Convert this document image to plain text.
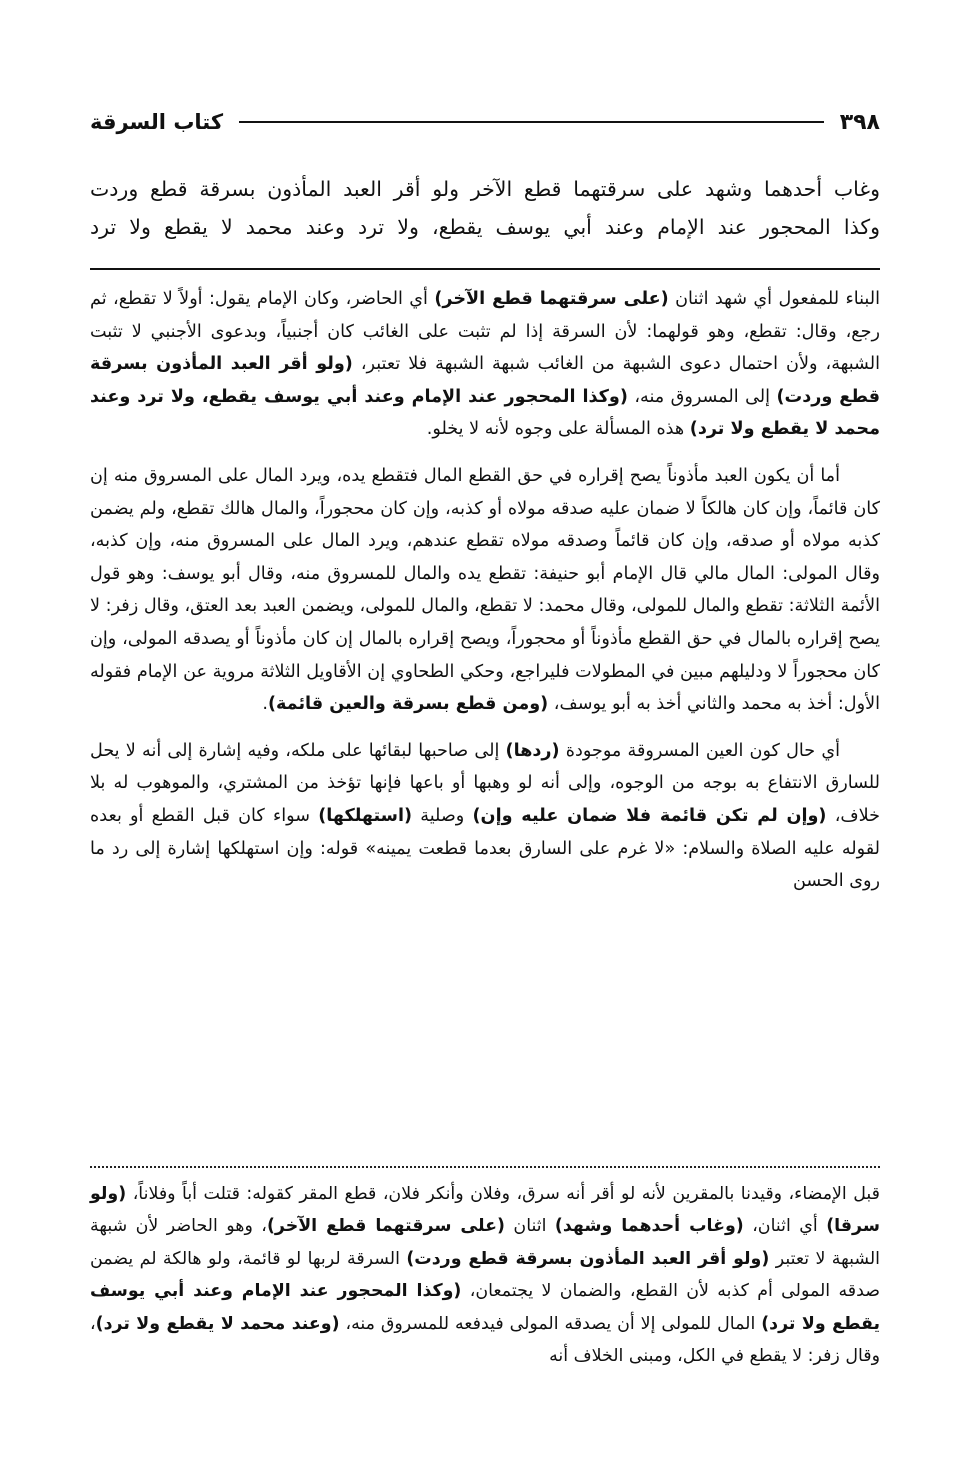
٣٩٨
كتاب السرقة

وغاب أحدهما وشهد على سرقتهما قطع الآخر ولو أقر العبد المأذون بسرقة قطع وردت

وكذا المحجور عند الإمام وعند أبي يوسف يقطع، ولا ترد وعند محمد لا يقطع ولا ترد

البناء للمفعول أي شهد اثنان (على سرقتهما قطع الآخر) أي الحاضر، وكان الإمام يقول: أولاً لا تقطع، ثم رجع، وقال: تقطع، وهو قولهما: لأن السرقة إذا لم تثبت على الغائب كان أجنبياً، وبدعوى الأجنبي لا تثبت الشبهة، ولأن احتمال دعوى الشبهة من الغائب شبهة الشبهة فلا تعتبر، (ولو أقر العبد المأذون بسرقة قطع وردت) إلى المسروق منه، (وكذا المحجور عند الإمام وعند أبي يوسف يقطع، ولا ترد وعند محمد لا يقطع ولا ترد) هذه المسألة على وجوه لأنه لا يخلو.

أما أن يكون العبد مأذوناً يصح إقراره في حق القطع المال فتقطع يده، ويرد المال على المسروق منه إن كان قائماً، وإن كان هالكاً لا ضمان عليه صدقه مولاه أو كذبه، وإن كان محجوراً، والمال هالك تقطع، ولم يضمن كذبه مولاه أو صدقه، وإن كان قائماً وصدقه مولاه تقطع عندهم، ويرد المال على المسروق منه، وإن كذبه، وقال المولى: المال مالي قال الإمام أبو حنيفة: تقطع يده والمال للمسروق منه، وقال أبو يوسف: وهو قول الأئمة الثلاثة: تقطع والمال للمولى، وقال محمد: لا تقطع، والمال للمولى، ويضمن العبد بعد العتق، وقال زفر: لا يصح إقراره بالمال في حق القطع مأذوناً أو محجوراً، ويصح إقراره بالمال إن كان مأذوناً أو يصدقه المولى، وإن كان محجوراً لا ودليلهم مبين في المطولات فليراجع، وحكي الطحاوي إن الأقاويل الثلاثة مروية عن الإمام فقوله الأول: أخذ به محمد والثاني أخذ به أبو يوسف، (ومن قطع بسرقة والعين قائمة).

أي حال كون العين المسروقة موجودة (ردها) إلى صاحبها لبقائها على ملكه، وفيه إشارة إلى أنه لا يحل للسارق الانتفاع به بوجه من الوجوه، وإلى أنه لو وهبها أو باعها فإنها تؤخذ من المشتري، والموهوب له بلا خلاف، (وإن لم تكن قائمة فلا ضمان عليه وإن) وصلية (استهلكها) سواء كان قبل القطع أو بعده لقوله عليه الصلاة والسلام: «لا غرم على السارق بعدما قطعت يمينه» قوله: وإن استهلكها إشارة إلى رد ما روى الحسن

قبل الإمضاء، وقيدنا بالمقرين لأنه لو أقر أنه سرق، وفلان وأنكر فلان، قطع المقر كقوله: قتلت أباً وفلاناً، (ولو سرقا) أي اثنان، (وغاب أحدهما وشهد) اثنان (على سرقتهما قطع الآخر)، وهو الحاضر لأن شبهة الشبهة لا تعتبر (ولو أقر العبد المأذون بسرقة قطع وردت) السرقة لربها لو قائمة، ولو هالكة لم يضمن صدقه المولى أم كذبه لأن القطع، والضمان لا يجتمعان، (وكذا المحجور عند الإمام وعند أبي يوسف يقطع ولا ترد) المال للمولى إلا أن يصدقه المولى فيدفعه للمسروق منه، (وعند محمد لا يقطع ولا ترد)، وقال زفر: لا يقطع في الكل، ومبنى الخلاف أنه
